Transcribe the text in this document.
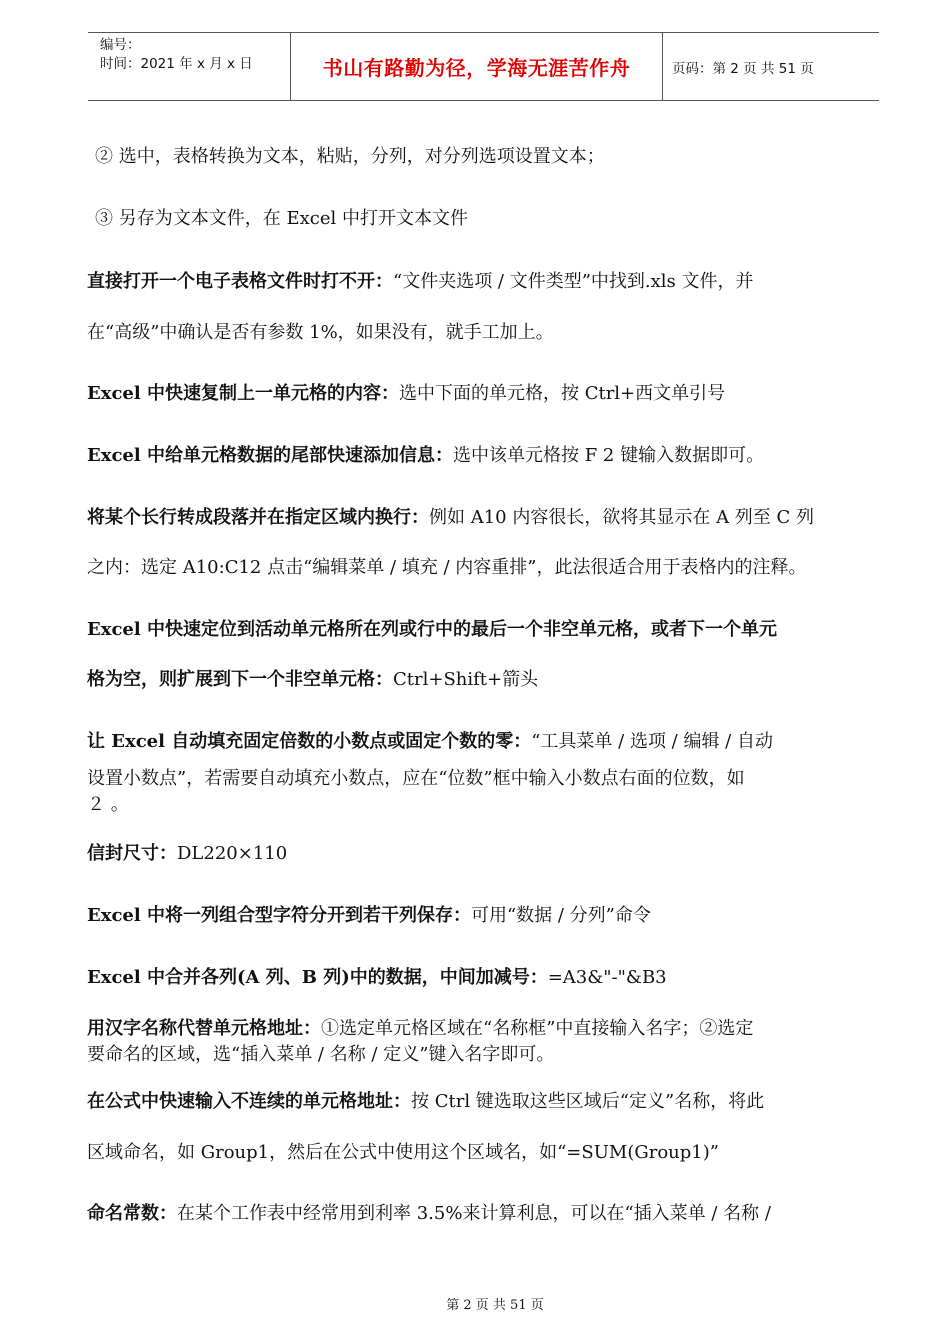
编号：
时间：2021 年 x 月 x 日	书山有路勤为径，学海无涯苦作舟	页码：第 2 页 共 51 页
② 选中，表格转换为文本，粘贴，分列，对分列选项设置文本；
③ 另存为文本文件，在 Excel 中打开文本文件
直接打开一个电子表格文件时打不开：“文件夹选项 / 文件类型”中找到.xls 文件，并
在“高级”中确认是否有参数 1%，如果没有，就手工加上。
Excel 中快速复制上一单元格的内容：选中下面的单元格，按 Ctrl+西文单引号
Excel 中给单元格数据的尾部快速添加信息：选中该单元格按 F 2 键输入数据即可。
将某个长行转成段落并在指定区域内换行：例如 A10 内容很长，欲将其显示在 A 列至 C 列
之内：选定 A10:C12 点击“编辑菜单 / 填充 / 内容重排”，此法很适合用于表格内的注释。
Excel 中快速定位到活动单元格所在列或行中的最后一个非空单元格，或者下一个单元
格为空，则扩展到下一个非空单元格：Ctrl+Shift+箭头
让 Excel 自动填充固定倍数的小数点或固定个数的零：“工具菜单 / 选项 / 编辑 / 自动
设置小数点”，若需要自动填充小数点，应在“位数”框中输入小数点右面的位数，如
２ 。
信封尺寸：DL220×110
Excel 中将一列组合型字符分开到若干列保存：可用“数据 / 分列”命令
Excel 中合并各列(A 列、B 列)中的数据，中间加减号：=A3&"-"&B3
用汉字名称代替单元格地址：①选定单元格区域在“名称框”中直接输入名字；②选定
要命名的区域，选“插入菜单 / 名称 / 定义”键入名字即可。
在公式中快速输入不连续的单元格地址：按 Ctrl 键选取这些区域后“定义”名称，将此
区域命名，如 Group1，然后在公式中使用这个区域名，如“=SUM(Group1)”
命名常数：在某个工作表中经常用到利率 3.5%来计算利息，可以在“插入菜单 / 名称 /
第 2 页 共 51 页
